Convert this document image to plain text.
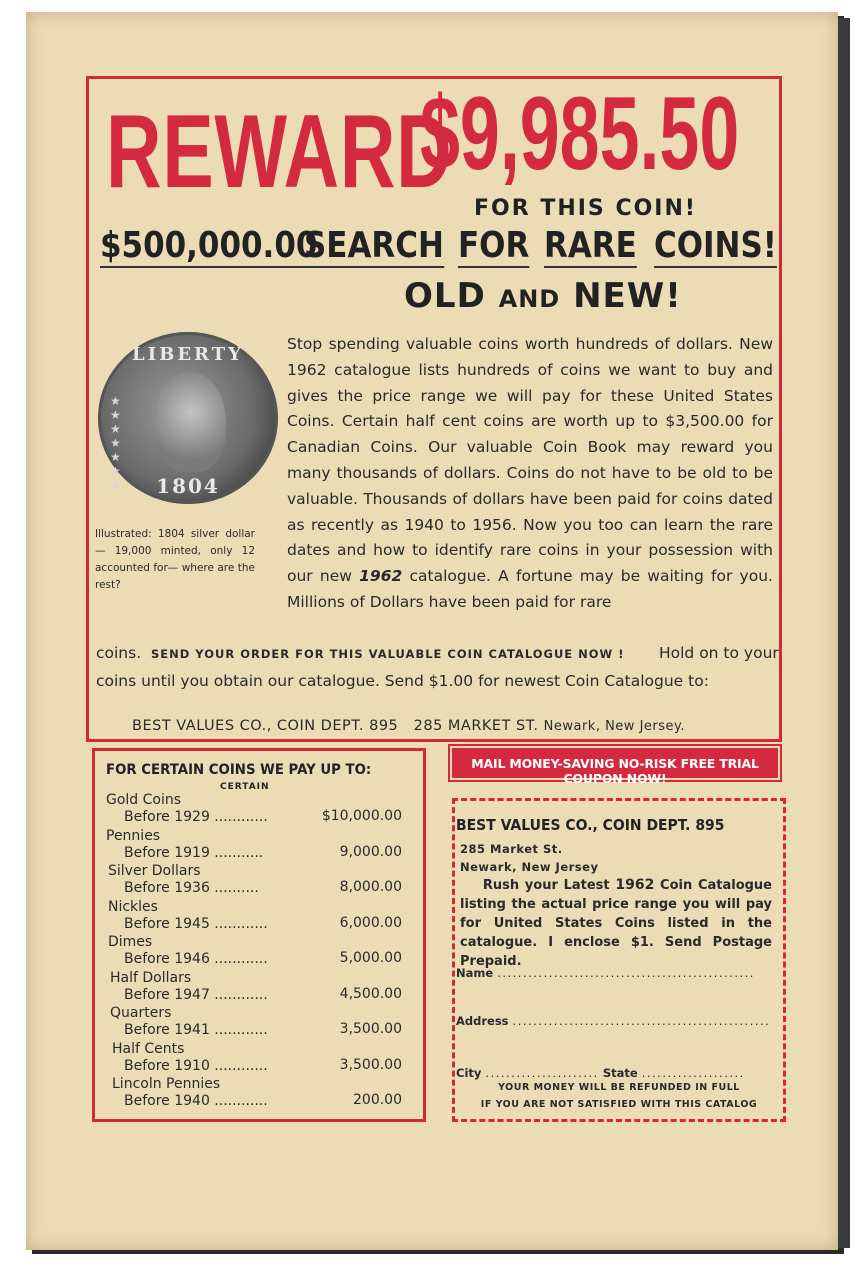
REWARD
$9,985.50
FOR THIS COIN!
$500,000.00
SEARCH FOR RARE COINS!
OLD AND NEW!
LIBERTY
★ ★ ★ ★ ★ ★ ★	1804
Illustrated: 1804 silver dollar — 19,000 minted, only 12 accounted for— where are the rest?
Stop spending valuable coins worth hundreds of dollars. New 1962 catalogue lists hundreds of coins we want to buy and gives the price range we will pay for these United States Coins. Certain half cent coins are worth up to $3,500.00 for Canadian Coins. Our valuable Coin Book may reward you many thousands of dollars. Coins do not have to be old to be valuable. Thousands of dollars have been paid for coins dated as recently as 1940 to 1956. Now you too can learn the rare dates and how to identify rare coins in your possession with our new 1962 catalogue. A fortune may be waiting for you. Millions of Dollars have been paid for rare
coins. SEND YOUR ORDER FOR THIS VALUABLE COIN CATALOGUE NOW ! Hold on to your
coins until you obtain our catalogue. Send $1.00 for newest Coin Catalogue to:
BEST VALUES CO., COIN DEPT. 895 285 MARKET ST. Newark, New Jersey.
FOR CERTAIN COINS WE PAY UP TO:
CERTAIN
Gold Coins
Before 1929 ............	$10,000.00
Pennies
Before 1919 ...........	9,000.00
Silver Dollars
Before 1936 ..........	8,000.00
Nickles
Before 1945 ............	6,000.00
Dimes
Before 1946 ............	5,000.00
Half Dollars
Before 1947 ............	4,500.00
Quarters
Before 1941 ............	3,500.00
Half Cents
Before 1910 ............	3,500.00
Lincoln Pennies
Before 1940 ............	200.00
MAIL MONEY-SAVING NO-RISK FREE TRIAL COUPON NOW!
BEST VALUES CO., COIN DEPT. 895
285 Market St.
Newark, New Jersey
Rush your Latest 1962 Coin Catalogue listing the actual price range you will pay for United States Coins listed in the catalogue. I enclose $1. Send Postage Prepaid.
Name ..................................................
Address ..................................................
City ...................... State ....................
YOUR MONEY WILL BE REFUNDED IN FULL
IF YOU ARE NOT SATISFIED WITH THIS CATALOG
